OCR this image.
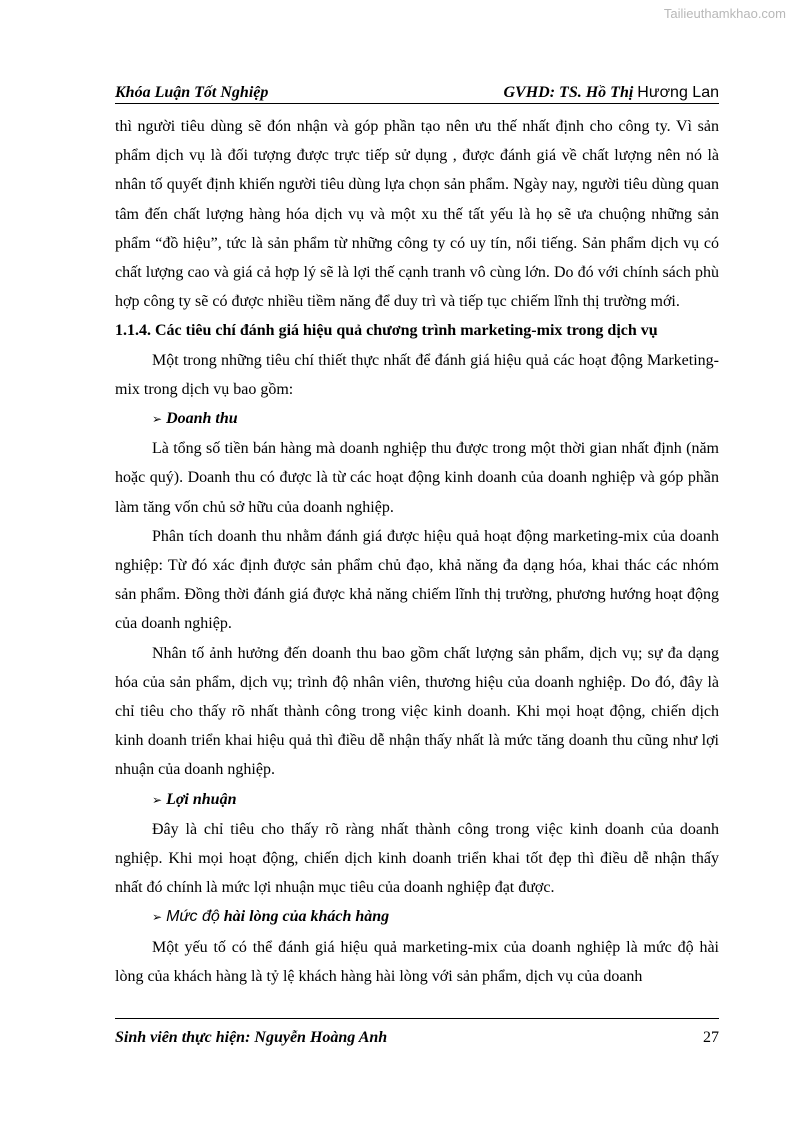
Tailieuthamkhao.com
Khóa Luận Tốt Nghiệp	GVHD: TS. Hồ Thị Hương Lan

thì người tiêu dùng sẽ đón nhận và góp phần tạo nên ưu thế nhất định cho công ty. Vì sản phẩm dịch vụ là đối tượng được trực tiếp sử dụng , được đánh giá về chất lượng nên nó là nhân tố quyết định khiến người tiêu dùng lựa chọn sản phẩm. Ngày nay, người tiêu dùng quan tâm đến chất lượng hàng hóa dịch vụ và một xu thế tất yếu là họ sẽ ưa chuộng những sản phẩm “đồ hiệu”, tức là sản phẩm từ những công ty có uy tín, nổi tiếng. Sản phẩm dịch vụ có chất lượng cao và giá cả hợp lý sẽ là lợi thế cạnh tranh vô cùng lớn. Do đó với chính sách phù hợp công ty sẽ có được nhiều tiềm năng để duy trì và tiếp tục chiếm lĩnh thị trường mới.

1.1.4. Các tiêu chí đánh giá hiệu quả chương trình marketing-mix trong dịch vụ

Một trong những tiêu chí thiết thực nhất để đánh giá hiệu quả các hoạt động Marketing-mix trong dịch vụ bao gồm:

➢ Doanh thu

Là tổng số tiền bán hàng mà doanh nghiệp thu được trong một thời gian nhất định (năm hoặc quý). Doanh thu có được là từ các hoạt động kinh doanh của doanh nghiệp và góp phần làm tăng vốn chủ sở hữu của doanh nghiệp.

Phân tích doanh thu nhằm đánh giá được hiệu quả hoạt động marketing-mix của doanh nghiệp: Từ đó xác định được sản phẩm chủ đạo, khả năng đa dạng hóa, khai thác các nhóm sản phẩm. Đồng thời đánh giá được khả năng chiếm lĩnh thị trường, phương hướng hoạt động của doanh nghiệp.

Nhân tố ảnh hưởng đến doanh thu bao gồm chất lượng sản phẩm, dịch vụ; sự đa dạng hóa của sản phẩm, dịch vụ; trình độ nhân viên, thương hiệu của doanh nghiệp. Do đó, đây là chỉ tiêu cho thấy rõ nhất thành công trong việc kinh doanh. Khi mọi hoạt động, chiến dịch kinh doanh triển khai hiệu quả thì điều dễ nhận thấy nhất là mức tăng doanh thu cũng như lợi nhuận của doanh nghiệp.

➢ Lợi nhuận

Đây là chỉ tiêu cho thấy rõ ràng nhất thành công trong việc kinh doanh của doanh nghiệp. Khi mọi hoạt động, chiến dịch kinh doanh triển khai tốt đẹp thì điều dễ nhận thấy nhất đó chính là mức lợi nhuận mục tiêu của doanh nghiệp đạt được.

➢ Mức độ hài lòng của khách hàng

Một yếu tố có thể đánh giá hiệu quả marketing-mix của doanh nghiệp là mức độ hài lòng của khách hàng là tỷ lệ khách hàng hài lòng với sản phẩm, dịch vụ của doanh

Sinh viên thực hiện: Nguyễn Hoàng Anh	27
